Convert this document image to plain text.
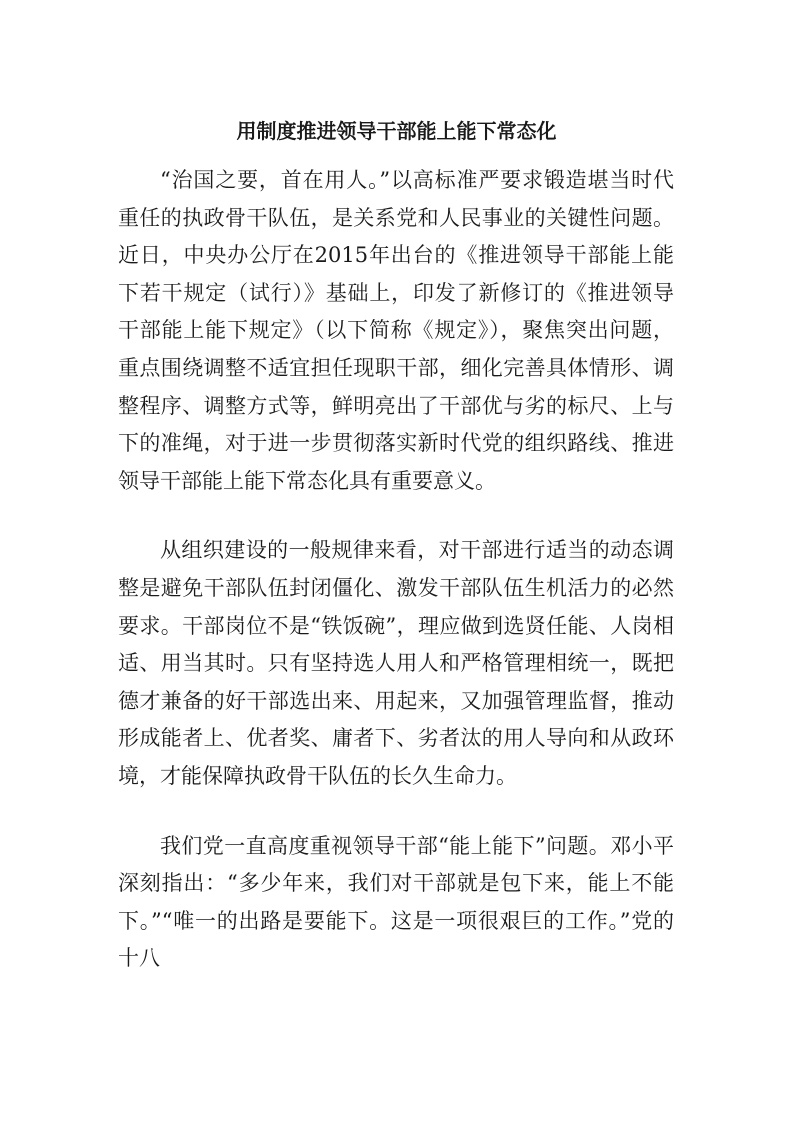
用制度推进领导干部能上能下常态化

“治国之要，首在用人。”以高标准严要求锻造堪当时代重任的执政骨干队伍，是关系党和人民事业的关键性问题。近日，中央办公厅在2015年出台的《推进领导干部能上能下若干规定（试行）》基础上，印发了新修订的《推进领导干部能上能下规定》（以下简称《规定》），聚焦突出问题，重点围绕调整不适宜担任现职干部，细化完善具体情形、调整程序、调整方式等，鲜明亮出了干部优与劣的标尺、上与下的准绳，对于进一步贯彻落实新时代党的组织路线、推进领导干部能上能下常态化具有重要意义。

从组织建设的一般规律来看，对干部进行适当的动态调整是避免干部队伍封闭僵化、激发干部队伍生机活力的必然要求。干部岗位不是“铁饭碗”，理应做到选贤任能、人岗相适、用当其时。只有坚持选人用人和严格管理相统一，既把德才兼备的好干部选出来、用起来，又加强管理监督，推动形成能者上、优者奖、庸者下、劣者汰的用人导向和从政环境，才能保障执政骨干队伍的长久生命力。

我们党一直高度重视领导干部“能上能下”问题。邓小平深刻指出：“多少年来，我们对干部就是包下来，能上不能下。”“唯一的出路是要能下。这是一项很艰巨的工作。”党的十八
